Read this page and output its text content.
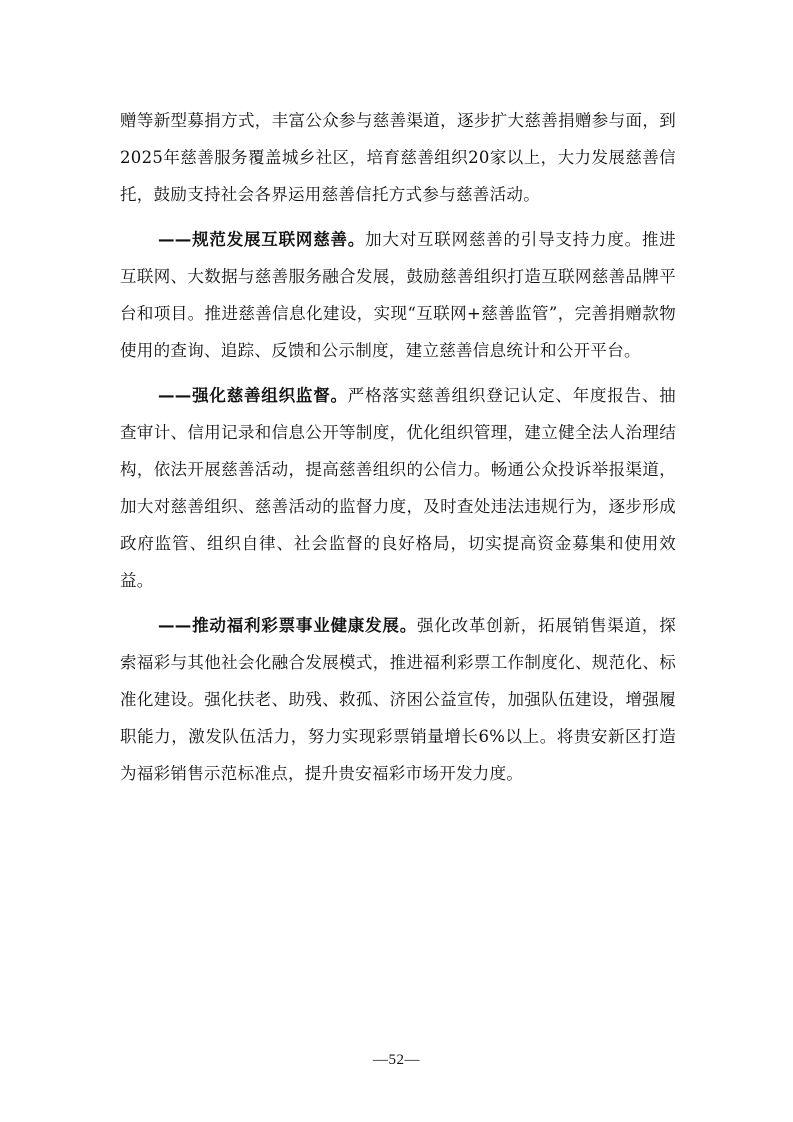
赠等新型募捐方式，丰富公众参与慈善渠道，逐步扩大慈善捐赠参与面，到2025年慈善服务覆盖城乡社区，培育慈善组织20家以上，大力发展慈善信托，鼓励支持社会各界运用慈善信托方式参与慈善活动。

——规范发展互联网慈善。加大对互联网慈善的引导支持力度。推进互联网、大数据与慈善服务融合发展，鼓励慈善组织打造互联网慈善品牌平台和项目。推进慈善信息化建设，实现“互联网+慈善监管”，完善捐赠款物使用的查询、追踪、反馈和公示制度，建立慈善信息统计和公开平台。

——强化慈善组织监督。严格落实慈善组织登记认定、年度报告、抽查审计、信用记录和信息公开等制度，优化组织管理，建立健全法人治理结构，依法开展慈善活动，提高慈善组织的公信力。畅通公众投诉举报渠道，加大对慈善组织、慈善活动的监督力度，及时查处违法违规行为，逐步形成政府监管、组织自律、社会监督的良好格局，切实提高资金募集和使用效益。

——推动福利彩票事业健康发展。强化改革创新，拓展销售渠道，探索福彩与其他社会化融合发展模式，推进福利彩票工作制度化、规范化、标准化建设。强化扶老、助残、救孤、济困公益宣传，加强队伍建设，增强履职能力，激发队伍活力，努力实现彩票销量增长6%以上。将贵安新区打造为福彩销售示范标准点，提升贵安福彩市场开发力度。

—52—
